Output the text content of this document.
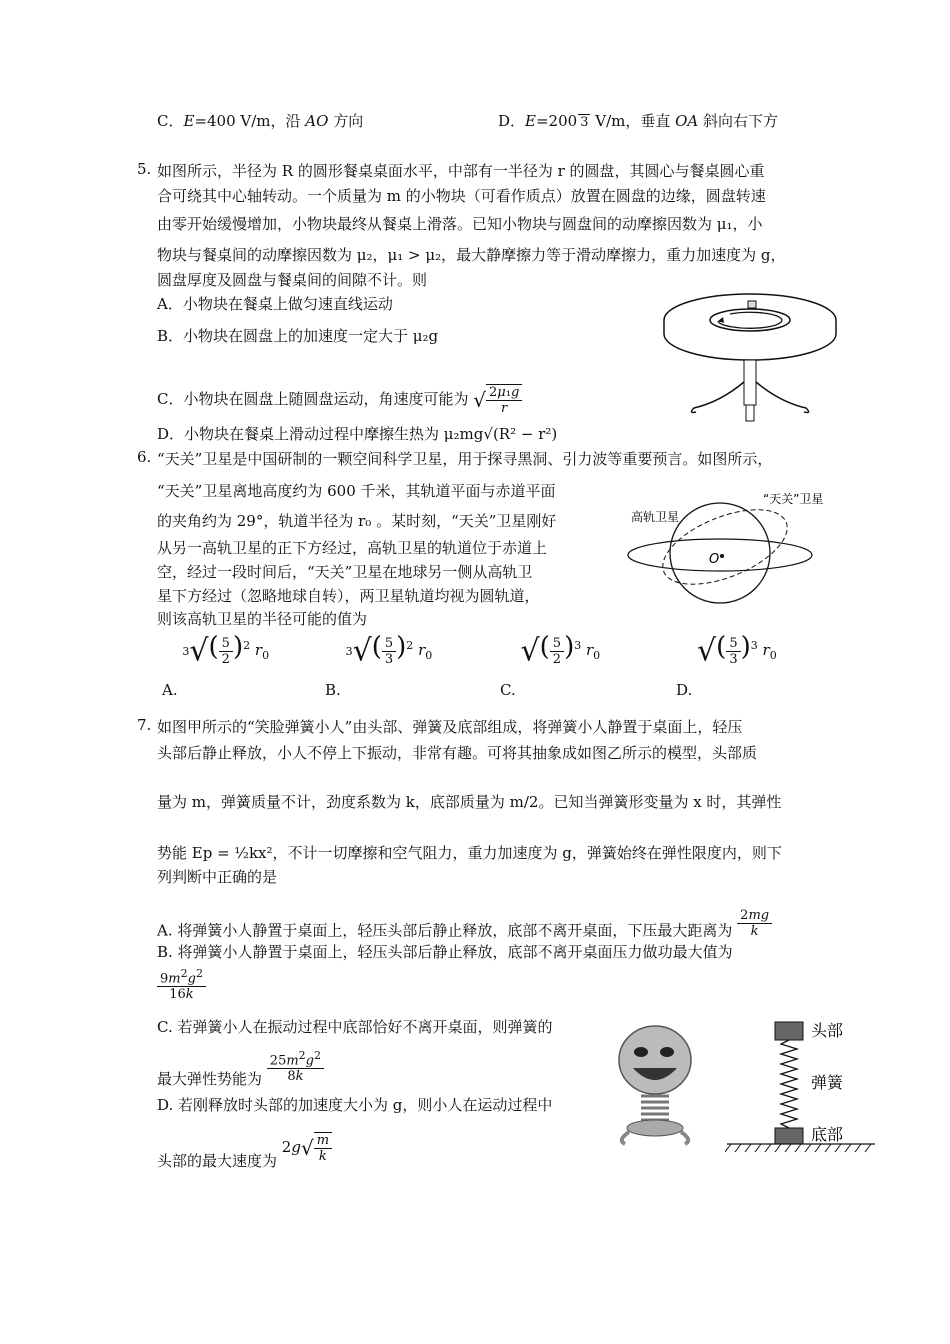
C．E=400 V/m，沿 AO 方向	D．E=200 3 V/m，垂直 OA 斜向右下方
5. 如图所示，半径为 R 的圆形餐桌桌面水平，中部有一半径为 r 的圆盘，其圆心与餐桌圆心重
合可绕其中心轴转动。一个质量为 m 的小物块（可看作质点）放置在圆盘的边缘，圆盘转速
由零开始缓慢增加，小物块最终从餐桌上滑落。已知小物块与圆盘间的动摩擦因数为 μ₁，小
物块与餐桌间的动摩擦因数为 μ₂，μ₁ > μ₂，最大静摩擦力等于滑动摩擦力，重力加速度为 g，
圆盘厚度及圆盘与餐桌间的间隙不计。则
A．小物块在餐桌上做匀速直线运动
B．小物块在圆盘上的加速度一定大于 μ₂g
C．小物块在圆盘上随圆盘运动，角速度可能为 √ $\frac{\text{2μ₁g}}{r}$
D．小物块在餐桌上滑动过程中摩擦生热为 μ₂mg√(R² − r²)
6. “天关”卫星是中国研制的一颗空间科学卫星，用于探寻黑洞、引力波等重要预言。如图所示，
“天关”卫星离地高度约为 600 千米，其轨道平面与赤道平面
的夹角约为 29°，轨道半径为 r₀ 。某时刻，“天关”卫星刚好
从另一高轨卫星的正下方经过，高轨卫星的轨道位于赤道上
空，经过一段时间后，“天关”卫星在地球另一侧从高轨卫
星下方经过（忽略地球自转），两卫星轨道均视为圆轨道，
则该高轨卫星的半径可能的值为
高轨卫星
“天关”卫星
O
A. $3√( \frac{5}{2} )^2$ $r_0$
B. $3√( \frac{5}{3} )^2$ $r_0$
C. √( $\frac{5}{2} )^3$ $r_0$
D. √( $\frac{5}{3} )^3$ $r_0$
7. 如图甲所示的“笑脸弹簧小人”由头部、弹簧及底部组成，将弹簧小人静置于桌面上，轻压
头部后静止释放，小人不停上下振动，非常有趣。可将其抽象成如图乙所示的模型，头部质
量为 m，弹簧质量不计，劲度系数为 k，底部质量为 m/2。已知当弹簧形变量为 x 时，其弹性
势能 Ep = ½kx²，不计一切摩擦和空气阻力，重力加速度为 g，弹簧始终在弹性限度内，则下
列判断中正确的是
A. 将弹簧小人静置于桌面上，轻压头部后静止释放，底部不离开桌面，下压最大距离为 $\frac{2mg}{k}$
B. 将弹簧小人静置于桌面上，轻压头部后静止释放，底部不离开桌面压力做功最大值为
$\frac{9m^2g^2}{16k}$
C. 若弹簧小人在振动过程中底部恰好不离开桌面，则弹簧的
最大弹性势能为 $\frac{25m^2g^2}{8k}$
D. 若刚释放时头部的加速度大小为 g，则小人在运动过程中
头部的最大速度为 $2g√ \frac{m}{k}$
头部
弹簧
底部
